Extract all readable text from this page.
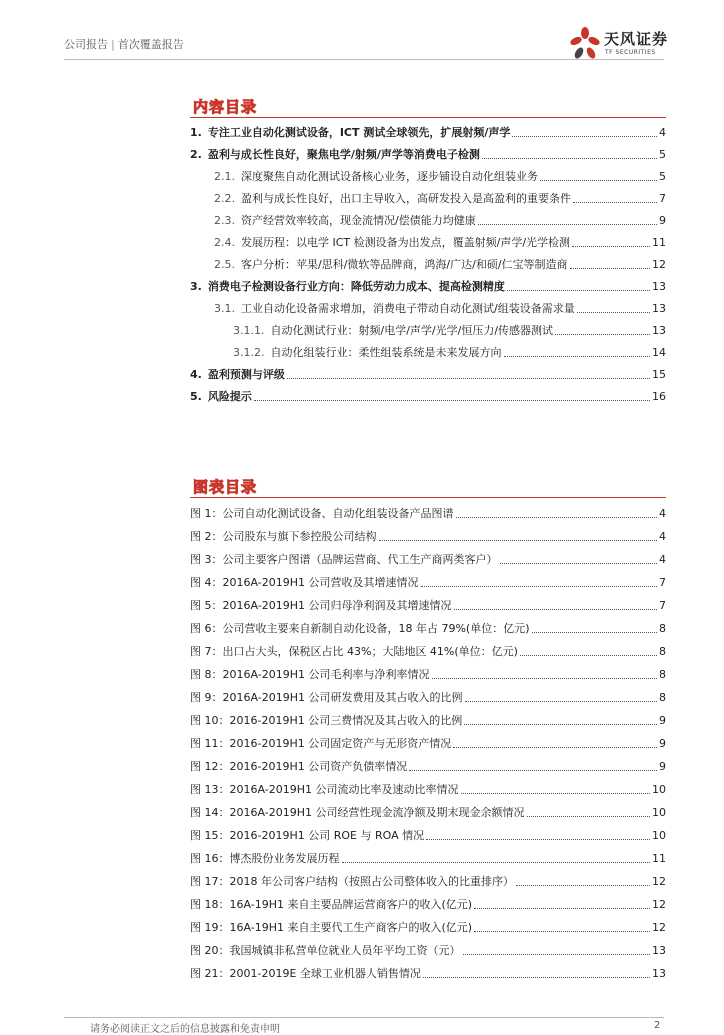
公司报告 | 首次覆盖报告	天风证券
TF SECURITIES
内容目录
1. 专注工业自动化测试设备，ICT 测试全球领先，扩展射频/声学	4
2. 盈利与成长性良好，聚焦电学/射频/声学等消费电子检测	5
2.1. 深度聚焦自动化测试设备核心业务，逐步铺设自动化组装业务	5
2.2. 盈利与成长性良好，出口主导收入，高研发投入是高盈利的重要条件	7
2.3. 资产经营效率较高，现金流情况/偿债能力均健康	9
2.4. 发展历程：以电学 ICT 检测设备为出发点，覆盖射频/声学/光学检测	11
2.5. 客户分析：苹果/思科/微软等品牌商，鸿海/广达/和硕/仁宝等制造商	12
3. 消费电子检测设备行业方向：降低劳动力成本、提高检测精度	13
3.1. 工业自动化设备需求增加，消费电子带动自动化测试/组装设备需求量	13
3.1.1. 自动化测试行业：射频/电学/声学/光学/恒压力/传感器测试	13
3.1.2. 自动化组装行业：柔性组装系统是未来发展方向	14
4. 盈利预测与评级	15
5. 风险提示	16
图表目录
图 1：公司自动化测试设备、自动化组装设备产品图谱	4
图 2：公司股东与旗下参控股公司结构	4
图 3：公司主要客户图谱（品牌运营商、代工生产商两类客户）	4
图 4：2016A-2019H1 公司营收及其增速情况	7
图 5：2016A-2019H1 公司归母净利润及其增速情况	7
图 6：公司营收主要来自新制自动化设备，18 年占 79%(单位：亿元)	8
图 7：出口占大头，保税区占比 43%；大陆地区 41%(单位：亿元)	8
图 8：2016A-2019H1 公司毛利率与净利率情况	8
图 9：2016A-2019H1 公司研发费用及其占收入的比例	8
图 10：2016-2019H1 公司三费情况及其占收入的比例	9
图 11：2016-2019H1 公司固定资产与无形资产情况	9
图 12：2016-2019H1 公司资产负债率情况	9
图 13：2016A-2019H1 公司流动比率及速动比率情况	10
图 14：2016A-2019H1 公司经营性现金流净额及期末现金余额情况	10
图 15：2016-2019H1 公司 ROE 与 ROA 情况	10
图 16：博杰股份业务发展历程	11
图 17：2018 年公司客户结构（按照占公司整体收入的比重排序）	12
图 18：16A-19H1 来自主要品牌运营商客户的收入(亿元)	12
图 19：16A-19H1 来自主要代工生产商客户的收入(亿元)	12
图 20：我国城镇非私营单位就业人员年平均工资（元）	13
图 21：2001-2019E 全球工业机器人销售情况	13
请务必阅读正文之后的信息披露和免责申明	2
